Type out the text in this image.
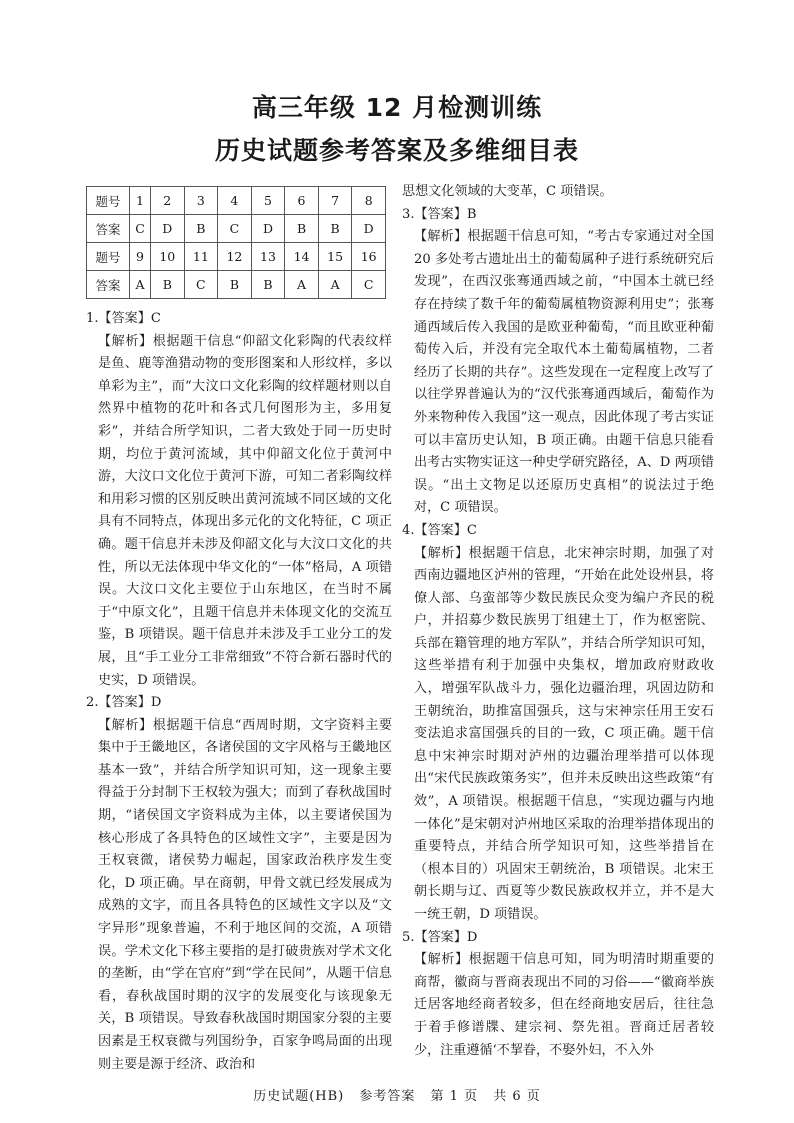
高三年级 12 月检测训练
历史试题参考答案及多维细目表
题号	1	2	3	4	5	6	7	8
答案	C	D	B	C	D	B	B	D
题号	9	10	11	12	13	14	15	16
答案	A	B	C	B	B	A	A	C

1.【答案】C

【解析】根据题干信息“仰韶文化彩陶的代表纹样是鱼、鹿等渔猎动物的变形图案和人形纹样，多以单彩为主”，而“大汶口文化彩陶的纹样题材则以自然界中植物的花叶和各式几何图形为主，多用复彩”，并结合所学知识，二者大致处于同一历史时期，均位于黄河流域，其中仰韶文化位于黄河中游，大汶口文化位于黄河下游，可知二者彩陶纹样和用彩习惯的区别反映出黄河流域不同区域的文化具有不同特点，体现出多元化的文化特征，C 项正确。题干信息并未涉及仰韶文化与大汶口文化的共性，所以无法体现中华文化的“一体”格局，A 项错误。大汶口文化主要位于山东地区，在当时不属于“中原文化”，且题干信息并未体现文化的交流互鉴，B 项错误。题干信息并未涉及手工业分工的发展，且“手工业分工非常细致”不符合新石器时代的史实，D 项错误。

2.【答案】D

【解析】根据题干信息“西周时期，文字资料主要集中于王畿地区，各诸侯国的文字风格与王畿地区基本一致”，并结合所学知识可知，这一现象主要得益于分封制下王权较为强大；而到了春秋战国时期，“诸侯国文字资料成为主体，以主要诸侯国为核心形成了各具特色的区域性文字”，主要是因为王权衰微，诸侯势力崛起，国家政治秩序发生变化，D 项正确。早在商朝，甲骨文就已经发展成为成熟的文字，而且各具特色的区域性文字以及“文字异形”现象普遍，不利于地区间的交流，A 项错误。学术文化下移主要指的是打破贵族对学术文化的垄断，由“学在官府”到“学在民间”，从题干信息看，春秋战国时期的汉字的发展变化与该现象无关，B 项错误。导致春秋战国时期国家分裂的主要因素是王权衰微与列国纷争，百家争鸣局面的出现则主要是源于经济、政治和

思想文化领域的大变革，C 项错误。

3.【答案】B

【解析】根据题干信息可知，“考古专家通过对全国 20 多处考古遗址出土的葡萄属种子进行系统研究后发现”，在西汉张骞通西域之前，“中国本土就已经存在持续了数千年的葡萄属植物资源利用史”；张骞通西域后传入我国的是欧亚种葡萄，“而且欧亚种葡萄传入后，并没有完全取代本土葡萄属植物，二者经历了长期的共存”。这些发现在一定程度上改写了以往学界普遍认为的“汉代张骞通西域后，葡萄作为外来物种传入我国”这一观点，因此体现了考古实证可以丰富历史认知，B 项正确。由题干信息只能看出考古实物实证这一种史学研究路径，A、D 两项错误。“出土文物足以还原历史真相”的说法过于绝对，C 项错误。

4.【答案】C

【解析】根据题干信息，北宋神宗时期，加强了对西南边疆地区泸州的管理，“开始在此处设州县，将僚人部、乌蛮部等少数民族民众变为编户齐民的税户，并招募少数民族男丁组建土丁，作为枢密院、兵部在籍管理的地方军队”，并结合所学知识可知，这些举措有利于加强中央集权，增加政府财政收入，增强军队战斗力，强化边疆治理，巩固边防和王朝统治，助推富国强兵，这与宋神宗任用王安石变法追求富国强兵的目的一致，C 项正确。题干信息中宋神宗时期对泸州的边疆治理举措可以体现出“宋代民族政策务实”，但并未反映出这些政策“有效”，A 项错误。根据题干信息，“实现边疆与内地一体化”是宋朝对泸州地区采取的治理举措体现出的重要特点，并结合所学知识可知，这些举措旨在（根本目的）巩固宋王朝统治，B 项错误。北宋王朝长期与辽、西夏等少数民族政权并立，并不是大一统王朝，D 项错误。

5.【答案】D

【解析】根据题干信息可知，同为明清时期重要的商帮，徽商与晋商表现出不同的习俗——“徽商举族迁居客地经商者较多，但在经商地安居后，往往急于着手修谱牒、建宗祠、祭先祖。晋商迁居者较少，注重遵循‘不挈眷，不娶外妇，不入外

历史试题(HB) 参考答案 第 1 页 共 6 页
